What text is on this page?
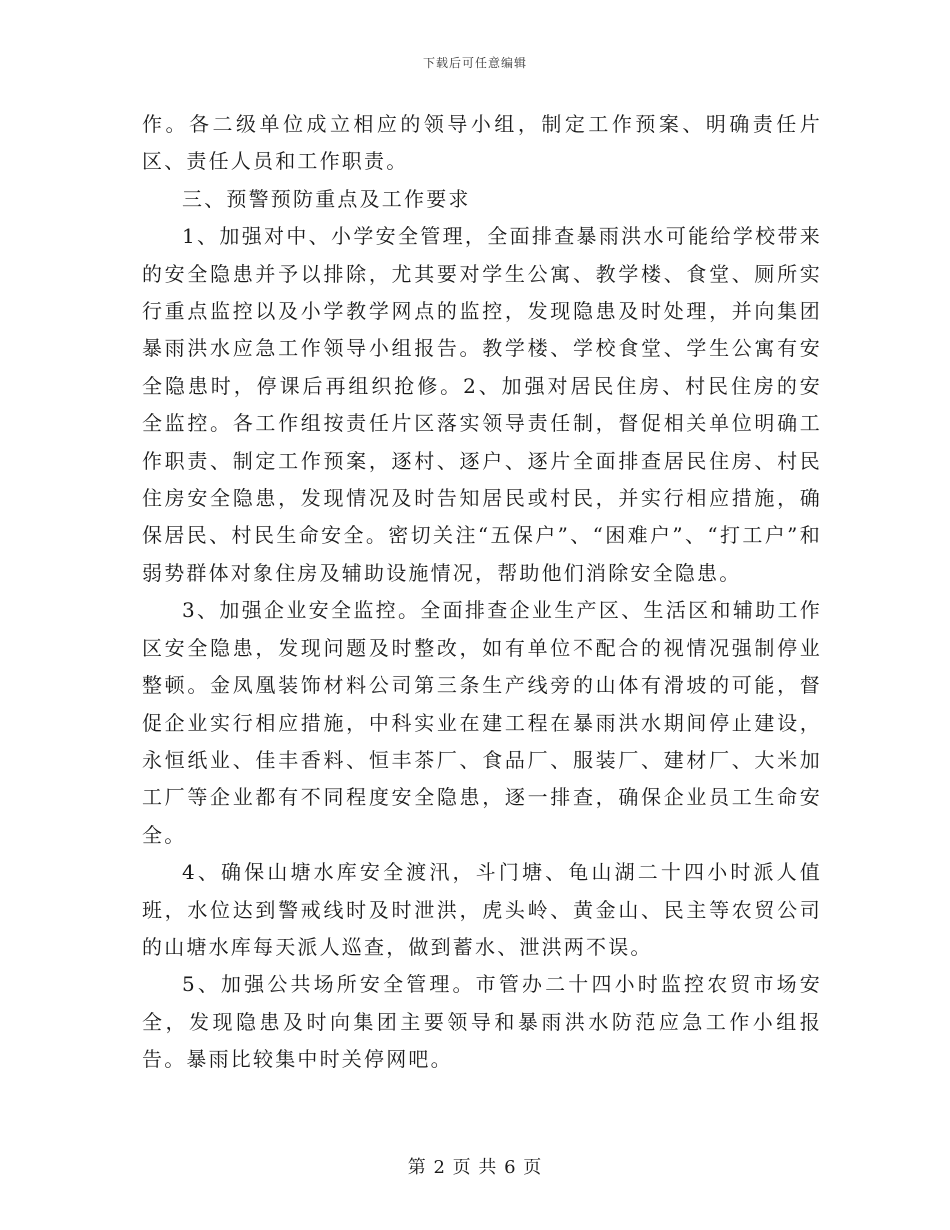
下载后可任意编辑

作。各二级单位成立相应的领导小组，制定工作预案、明确责任片区、责任人员和工作职责。

三、预警预防重点及工作要求

1、加强对中、小学安全管理，全面排查暴雨洪水可能给学校带来的安全隐患并予以排除，尤其要对学生公寓、教学楼、食堂、厕所实行重点监控以及小学教学网点的监控，发现隐患及时处理，并向集团暴雨洪水应急工作领导小组报告。教学楼、学校食堂、学生公寓有安全隐患时，停课后再组织抢修。2、加强对居民住房、村民住房的安全监控。各工作组按责任片区落实领导责任制，督促相关单位明确工作职责、制定工作预案，逐村、逐户、逐片全面排查居民住房、村民住房安全隐患，发现情况及时告知居民或村民，并实行相应措施，确保居民、村民生命安全。密切关注“五保户”、“困难户”、“打工户”和弱势群体对象住房及辅助设施情况，帮助他们消除安全隐患。

3、加强企业安全监控。全面排查企业生产区、生活区和辅助工作区安全隐患，发现问题及时整改，如有单位不配合的视情况强制停业整顿。金凤凰装饰材料公司第三条生产线旁的山体有滑坡的可能，督促企业实行相应措施，中科实业在建工程在暴雨洪水期间停止建设，永恒纸业、佳丰香料、恒丰茶厂、食品厂、服装厂、建材厂、大米加工厂等企业都有不同程度安全隐患，逐一排查，确保企业员工生命安全。

4、确保山塘水库安全渡汛，斗门塘、龟山湖二十四小时派人值班，水位达到警戒线时及时泄洪，虎头岭、黄金山、民主等农贸公司的山塘水库每天派人巡查，做到蓄水、泄洪两不误。

5、加强公共场所安全管理。市管办二十四小时监控农贸市场安全，发现隐患及时向集团主要领导和暴雨洪水防范应急工作小组报告。暴雨比较集中时关停网吧。

第 2 页 共 6 页
